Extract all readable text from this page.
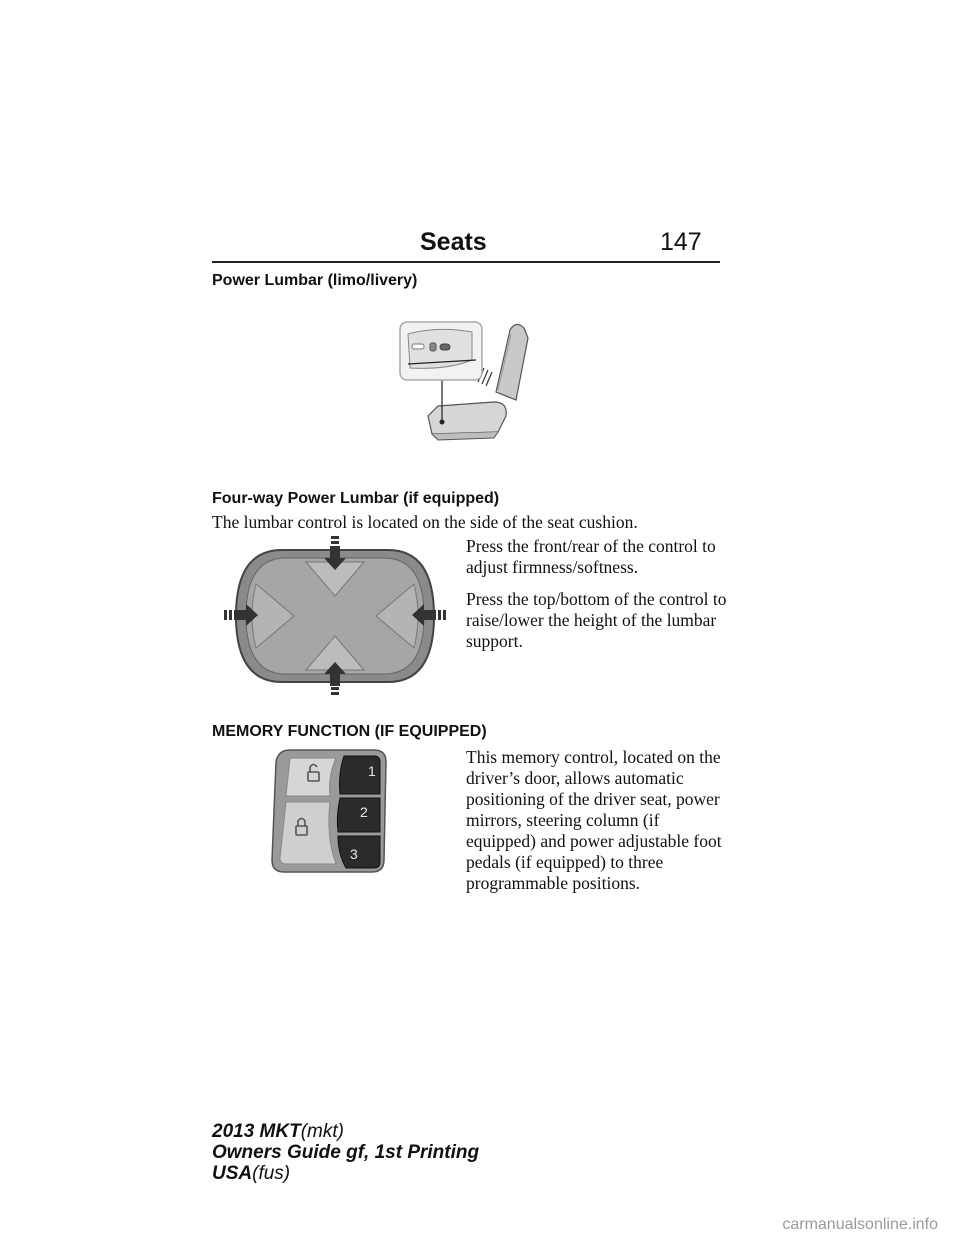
Seats	147
Power Lumbar (limo/livery)
Four-way Power Lumbar (if equipped)
The lumbar control is located on the side of the seat cushion.

Press the front/rear of the control to adjust firmness/softness.

Press the top/bottom of the control to raise/lower the height of the lumbar support.

MEMORY FUNCTION (IF EQUIPPED)
1
2
3
This memory control, located on the driver’s door, allows automatic positioning of the driver seat, power mirrors, steering column (if equipped) and power adjustable foot pedals (if equipped) to three programmable positions.
2013 MKT(mkt)
Owners Guide gf, 1st Printing
USA(fus)
carmanualsonline.info
